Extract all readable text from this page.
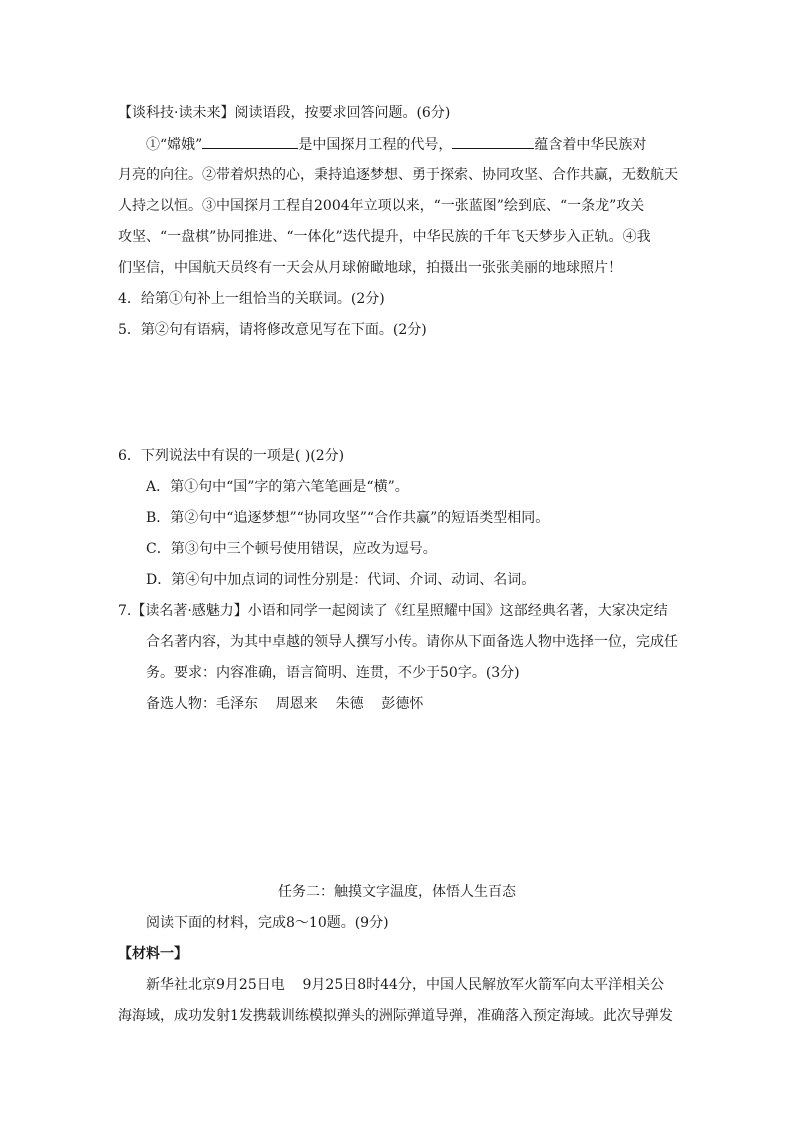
【谈科技·读未来】阅读语段，按要求回答问题。(6分)
①“嫦娥”	是中国探月工程的代号，	蕴含着中华民族对
月亮的向往。②带着炽热的心，秉持追逐梦想、勇于探索、协同攻坚、合作共赢，无数航天
人持之以恒。③中国探月工程自2004年立项以来，“一张蓝图”绘到底、“一条龙”攻关
攻坚、“一盘棋”协同推进、“一体化”迭代提升，中华民族的千年飞天梦步入正轨。④我
们坚信，中国航天员终有一天会从月球俯瞰地球，拍摄出一张张美丽的地球照片！
4．给第①句补上一组恰当的关联词。(2分)
5．第②句有语病，请将修改意见写在下面。(2分)
6．下列说法中有误的一项是( )(2分)
A．第①句中“国”字的第六笔笔画是“横”。
B．第②句中“追逐梦想”“协同攻坚”“合作共赢”的短语类型相同。
C．第③句中三个顿号使用错误，应改为逗号。
D．第④句中加点词的词性分别是：代词、介词、动词、名词。
7.【读名著·感魅力】小语和同学一起阅读了《红星照耀中国》这部经典名著，大家决定结
合名著内容，为其中卓越的领导人撰写小传。请你从下面备选人物中选择一位，完成任
务。要求：内容准确，语言简明、连贯，不少于50字。(3分)
备选人物：毛泽东    周恩来    朱德    彭德怀
任务二：触摸文字温度，体悟人生百态
阅读下面的材料，完成8～10题。(9分)
【材料一】
新华社北京9月25日电    9月25日8时44分，中国人民解放军火箭军向太平洋相关公
海海域，成功发射1发携载训练模拟弹头的洲际弹道导弹，准确落入预定海域。此次导弹发
